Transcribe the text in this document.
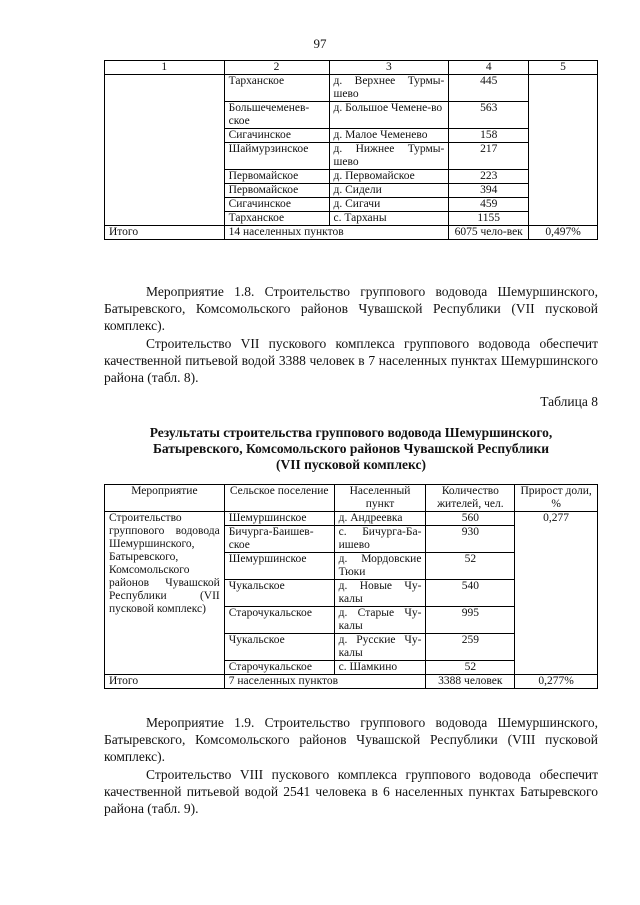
97
1	2	3	4	5
	Тарханское	д. Верхнее Турмы-шево	445	
	Большечеменев-ское	д. Большое Чемене-во	563	
	Сигачинское	д. Малое Чеменево	158	
	Шаймурзинское	д. Нижнее Турмы-шево	217	
	Первомайское	д. Первомайское	223	
	Первомайское	д. Сидели	394	
	Сигачинское	д. Сигачи	459	
	Тарханское	с. Тарханы	1155	
Итого	14 населенных пунктов		6075 чело-век	0,497%
Мероприятие 1.8. Строительство группового водовода Шемуршинского, Батыревского, Комсомольского районов Чувашской Республики (VII пусковой комплекс).
Строительство VII пускового комплекса группового водовода обеспечит качественной питьевой водой 3388 человек в 7 населенных пунктах Шемуршинского района (табл. 8).
Таблица 8
Результаты строительства группового водовода Шемуршинского,
Батыревского, Комсомольского районов Чувашской Республики
(VII пусковой комплекс)
Мероприятие	Сельское поселение	Населенный пункт	Количество жителей, чел.	Прирост доли, %
Строительство группового водовода Шемуршинского, Батыревского, Комсомольского районов Чувашской Республики (VII пусковой комплекс)	Шемуршинское	д. Андреевка	560	0,277
	Бичурга-Баишев-ское	с. Бичурга-Ба-ишево	930	
	Шемуршинское	д. Мордовские Тюки	52	
	Чукальское	д. Новые Чу-калы	540	
	Старочукальское	д. Старые Чу-калы	995	
	Чукальское	д. Русские Чу-калы	259	
	Старочукальское	с. Шамкино	52	
Итого	7 населенных пунктов		3388 человек	0,277%
Мероприятие 1.9. Строительство группового водовода Шемуршинского, Батыревского, Комсомольского районов Чувашской Республики (VIII пусковой комплекс).
Строительство VIII пускового комплекса группового водовода обеспечит качественной питьевой водой 2541 человека в 6 населенных пунктах Батыревского района (табл. 9).
